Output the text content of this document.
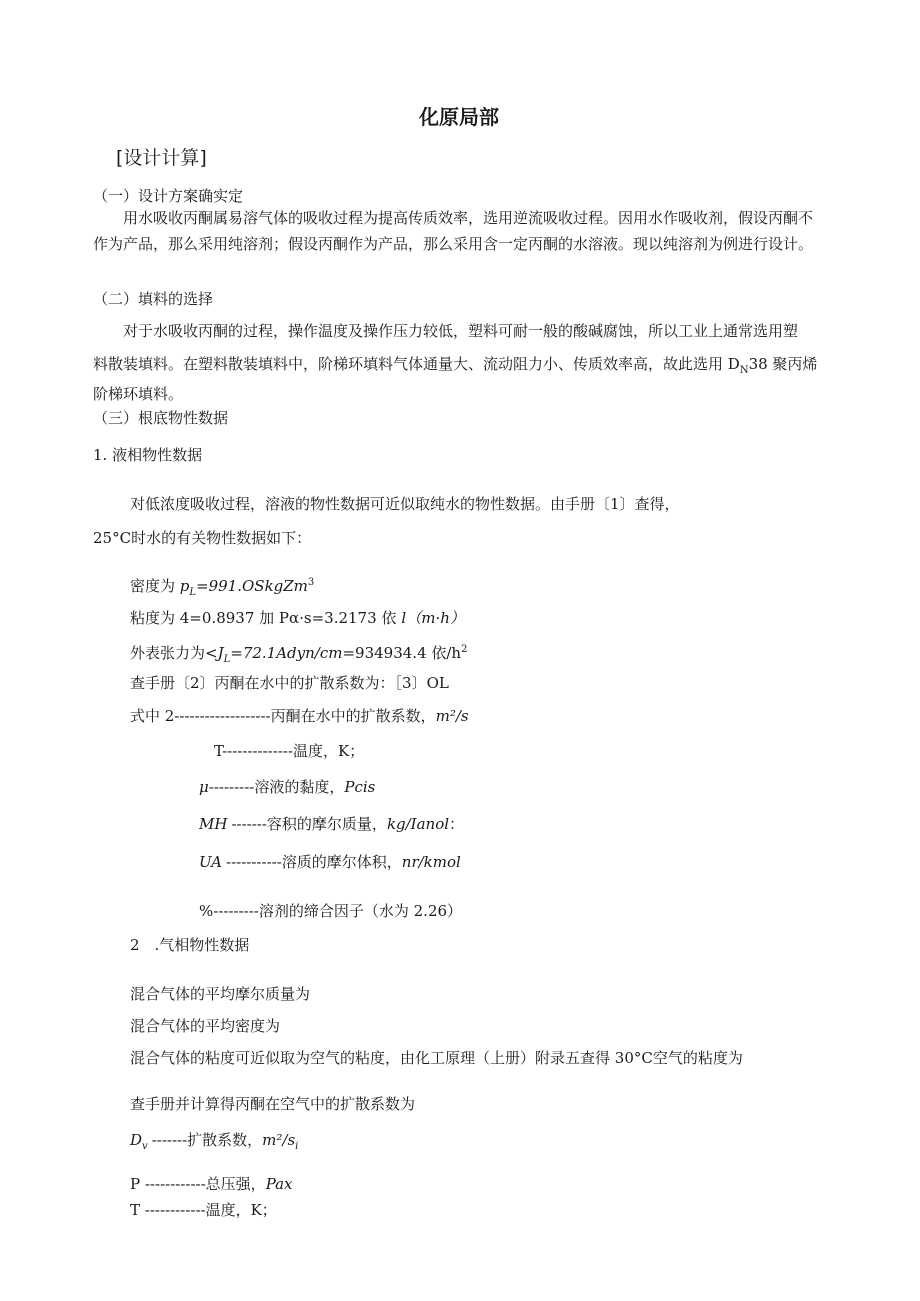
化原局部
[设计计算]
（一）设计方案确实定
用水吸收丙酮属易溶气体的吸收过程为提高传质效率，选用逆流吸收过程。因用水作吸收剂，假设丙酮不作为产品，那么采用纯溶剂；假设丙酮作为产品，那么采用含一定丙酮的水溶液。现以纯溶剂为例进行设计。
（二）填料的选择
对于水吸收丙酮的过程，操作温度及操作压力较低，塑料可耐一般的酸碱腐蚀，所以工业上通常选用塑
料散装填料。在塑料散装填料中，阶梯环填料气体通量大、流动阻力小、传质效率高，故此选用 $D_N38$ 聚丙烯
阶梯环填料。
（三）根底物性数据
1. 液相物性数据
对低浓度吸收过程，溶液的物性数据可近似取纯水的物性数据。由手册〔1〕查得，
25°C时水的有关物性数据如下：
密度为 $p_L=991.OSkgZm^3$
粘度为 4=0.8937 加 Pα·s=3.2173 依 l（m·h）
外表张力为$<J_L=72.1Adyn/cm=934934.4$ 依$/h^2$
查手册〔2〕丙酮在水中的扩散系数为：［3〕OL
式中 2-------------------丙酮在水中的扩散系数，m²/s
T--------------温度，K；
μ---------溶液的黏度，Pcis
MH -------容积的摩尔质量，kg/Ianol：
UA -----------溶质的摩尔体积，nr/kmol
%---------溶剂的缔合因子（水为 2.26）
2　.气相物性数据
混合气体的平均摩尔质量为
混合气体的平均密度为
混合气体的粘度可近似取为空气的粘度，由化工原理（上册）附录五查得 30°C空气的粘度为
查手册并计算得丙酮在空气中的扩散系数为
$D_v$ -------扩散系数，$m^2/s_i$
P ------------总压强，Pax
T ------------温度，K；
